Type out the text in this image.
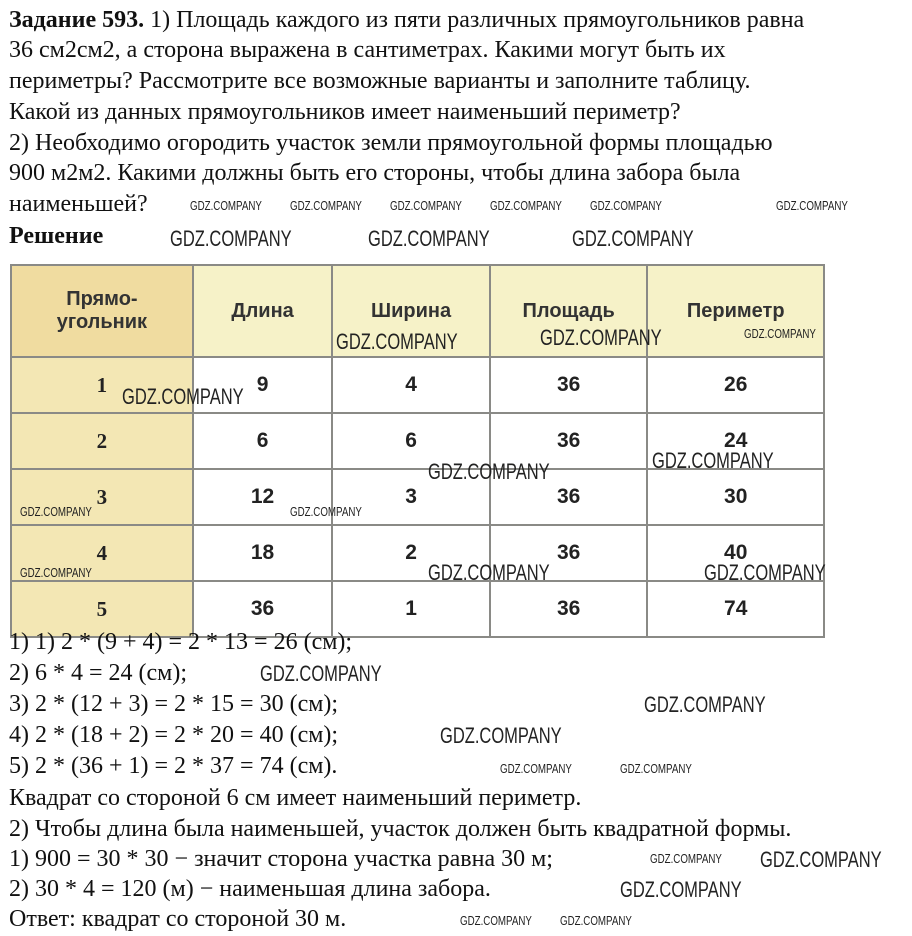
Задание 593. 1) Площадь каждого из пяти различных прямоугольников равна
36 см2см2, а сторона выражена в сантиметрах. Какими могут быть их
периметры? Рассмотрите все возможные варианты и заполните таблицу.
Какой из данных прямоугольников имеет наименьший периметр?
2) Необходимо огородить участок земли прямоугольной формы площадью
900 м2м2. Какими должны быть его стороны, чтобы длина забора была
наименьшей?
Решение
Прямо-угольник	Длина	Ширина	Площадь	Периметр
1	9	4	36	26
2	6	6	36	24
3	12	3	36	30
4	18	2	36	40
5	36	1	36	74
1) 1) 2 * (9 + 4) = 2 * 13 = 26 (см);
2) 6 * 4 = 24 (см);
3) 2 * (12 + 3) = 2 * 15 = 30 (см);
4) 2 * (18 + 2) = 2 * 20 = 40 (см);
5) 2 * (36 + 1) = 2 * 37 = 74 (см).
Квадрат со стороной 6 см имеет наименьший периметр.
2) Чтобы длина была наименьшей, участок должен быть квадратной формы.
1) 900 = 30 * 30 − значит сторона участка равна 30 м;
2) 30 * 4 = 120 (м) − наименьшая длина забора.
Ответ: квадрат со стороной 30 м.
GDZ.COMPANY GDZ.COMPANY GDZ.COMPANY GDZ.COMPANY GDZ.COMPANY	GDZ.COMPANY
GDZ.COMPANY	GDZ.COMPANY	GDZ.COMPANY
GDZ.COMPANY	GDZ.COMPANY	GDZ.COMPANY
GDZ.COMPANY
GDZ.COMPANY
GDZ.COMPANY
GDZ.COMPANY	GDZ.COMPANY
GDZ.COMPANY
GDZ.COMPANY
GDZ.COMPANY
GDZ.COMPANY
GDZ.COMPANY
GDZ.COMPANY
GDZ.COMPANY	GDZ.COMPANY
GDZ.COMPANY GDZ.COMPANY
GDZ.COMPANY GDZ.COMPANY
GDZ.COMPANY
